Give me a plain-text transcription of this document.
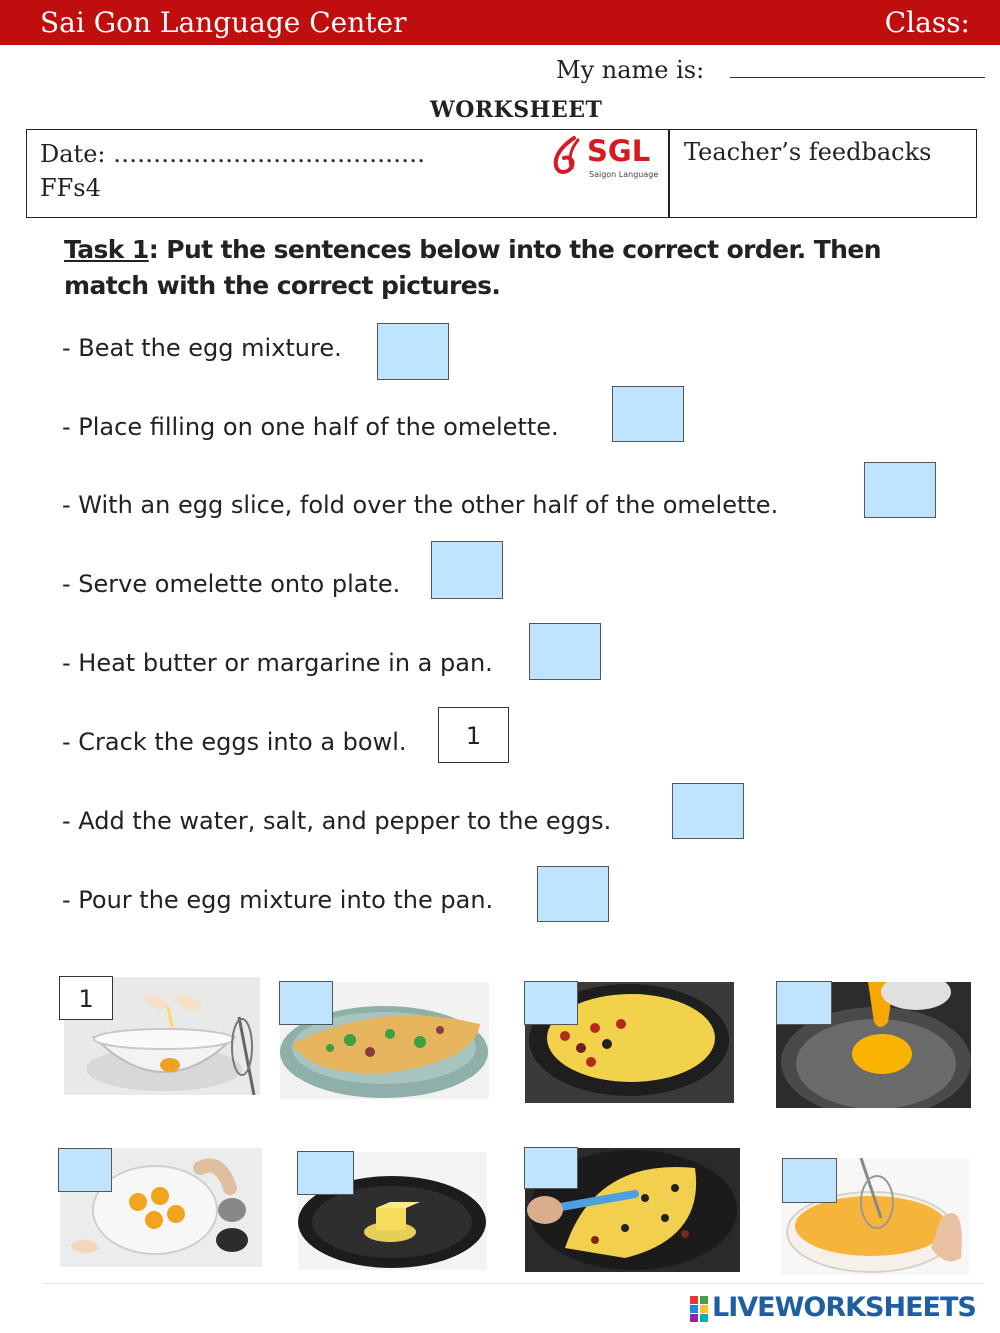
Sai Gon Language Center	Class:
My name is:
WORKSHEET
Date: …………………………………
FFs4
SGL
Saigon Language
Teacher’s feedbacks
Task 1: Put the sentences below into the correct order. Then match with the correct pictures.
- Beat the egg mixture.
- Place filling on one half of the omelette.
- With an egg slice, fold over the other half of the omelette.
- Serve omelette onto plate.
- Heat butter or margarine in a pan.
- Crack the eggs into a bowl.	1
- Add the water, salt, and pepper to the eggs.
- Pour the egg mixture into the pan.
1
LIVEWORKSHEETS
